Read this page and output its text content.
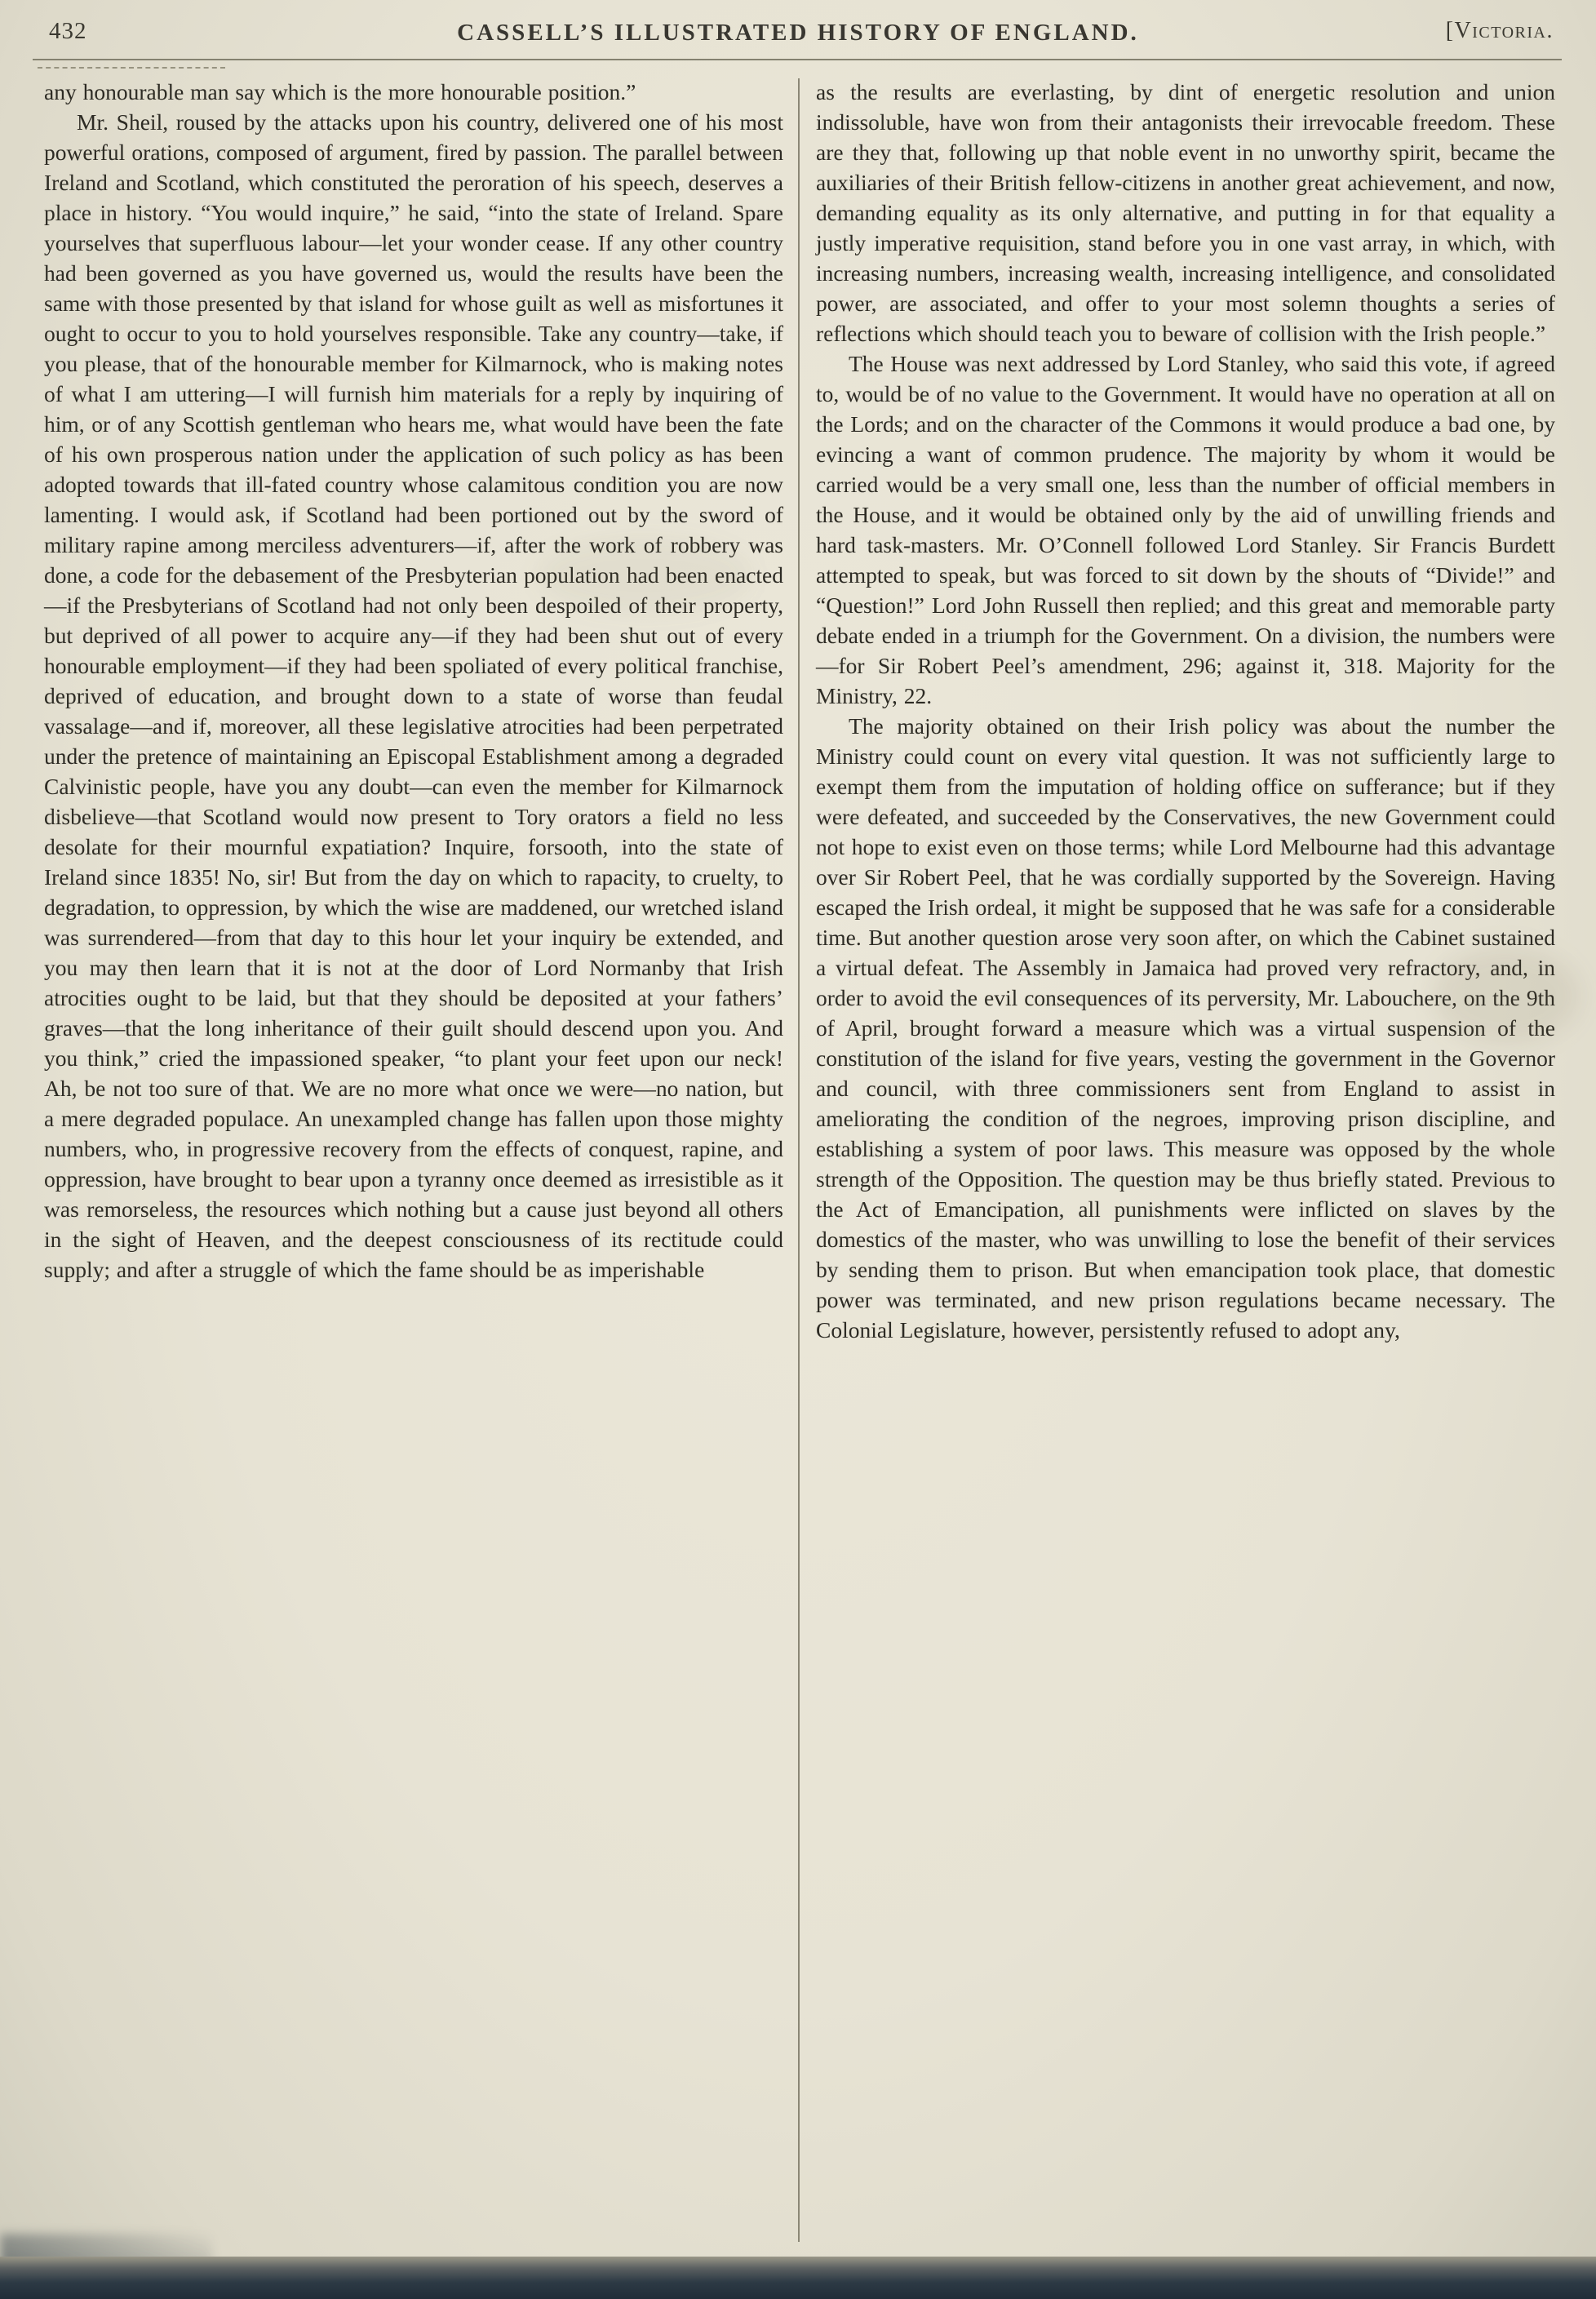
432	CASSELL’S ILLUSTRATED HISTORY OF ENGLAND.	[Victoria.

any honourable man say which is the more honourable position.”

Mr. Sheil, roused by the attacks upon his country, delivered one of his most powerful orations, composed of argument, fired by passion. The parallel between Ireland and Scotland, which constituted the peroration of his speech, deserves a place in history. “You would inquire,” he said, “into the state of Ireland. Spare yourselves that superfluous labour—let your wonder cease. If any other country had been governed as you have governed us, would the results have been the same with those presented by that island for whose guilt as well as misfortunes it ought to occur to you to hold yourselves responsible. Take any country—take, if you please, that of the honourable member for Kilmarnock, who is making notes of what I am uttering—I will furnish him materials for a reply by inquiring of him, or of any Scottish gentleman who hears me, what would have been the fate of his own prosperous nation under the application of such policy as has been adopted towards that ill-fated country whose calamitous condition you are now lamenting. I would ask, if Scotland had been portioned out by the sword of military rapine among merciless adventurers—if, after the work of robbery was done, a code for the debasement of the Presbyterian population had been enacted—if the Presbyterians of Scotland had not only been despoiled of their property, but deprived of all power to acquire any—if they had been shut out of every honourable employment—if they had been spoliated of every political franchise, deprived of education, and brought down to a state of worse than feudal vassalage—and if, moreover, all these legislative atrocities had been perpetrated under the pretence of maintaining an Episcopal Establishment among a degraded Calvinistic people, have you any doubt—can even the member for Kilmarnock disbelieve—that Scotland would now present to Tory orators a field no less desolate for their mournful expatiation? Inquire, forsooth, into the state of Ireland since 1835! No, sir! But from the day on which to rapacity, to cruelty, to degradation, to oppression, by which the wise are maddened, our wretched island was surrendered—from that day to this hour let your inquiry be extended, and you may then learn that it is not at the door of Lord Normanby that Irish atrocities ought to be laid, but that they should be deposited at your fathers’ graves—that the long inheritance of their guilt should descend upon you. And you think,” cried the impassioned speaker, “to plant your feet upon our neck! Ah, be not too sure of that. We are no more what once we were—no nation, but a mere degraded populace. An unexampled change has fallen upon those mighty numbers, who, in progressive recovery from the effects of conquest, rapine, and oppression, have brought to bear upon a tyranny once deemed as irresistible as it was remorseless, the resources which nothing but a cause just beyond all others in the sight of Heaven, and the deepest consciousness of its rectitude could supply; and after a struggle of which the fame should be as imperishable

as the results are everlasting, by dint of energetic resolution and union indissoluble, have won from their antagonists their irrevocable freedom. These are they that, following up that noble event in no unworthy spirit, became the auxiliaries of their British fellow-citizens in another great achievement, and now, demanding equality as its only alternative, and putting in for that equality a justly imperative requisition, stand before you in one vast array, in which, with increasing numbers, increasing wealth, increasing intelligence, and consolidated power, are associated, and offer to your most solemn thoughts a series of reflections which should teach you to beware of collision with the Irish people.”

The House was next addressed by Lord Stanley, who said this vote, if agreed to, would be of no value to the Government. It would have no operation at all on the Lords; and on the character of the Commons it would produce a bad one, by evincing a want of common prudence. The majority by whom it would be carried would be a very small one, less than the number of official members in the House, and it would be obtained only by the aid of unwilling friends and hard task-masters. Mr. O’Connell followed Lord Stanley. Sir Francis Burdett attempted to speak, but was forced to sit down by the shouts of “Divide!” and “Question!” Lord John Russell then replied; and this great and memorable party debate ended in a triumph for the Government. On a division, the numbers were—for Sir Robert Peel’s amendment, 296; against it, 318. Majority for the Ministry, 22.

The majority obtained on their Irish policy was about the number the Ministry could count on every vital question. It was not sufficiently large to exempt them from the imputation of holding office on sufferance; but if they were defeated, and succeeded by the Conservatives, the new Government could not hope to exist even on those terms; while Lord Melbourne had this advantage over Sir Robert Peel, that he was cordially supported by the Sovereign. Having escaped the Irish ordeal, it might be supposed that he was safe for a considerable time. But another question arose very soon after, on which the Cabinet sustained a virtual defeat. The Assembly in Jamaica had proved very refractory, and, in order to avoid the evil consequences of its perversity, Mr. Labouchere, on the 9th of April, brought forward a measure which was a virtual suspension of the constitution of the island for five years, vesting the government in the Governor and council, with three commissioners sent from England to assist in ameliorating the condition of the negroes, improving prison discipline, and establishing a system of poor laws. This measure was opposed by the whole strength of the Opposition. The question may be thus briefly stated. Previous to the Act of Emancipation, all punishments were inflicted on slaves by the domestics of the master, who was unwilling to lose the benefit of their services by sending them to prison. But when emancipation took place, that domestic power was terminated, and new prison regulations became necessary. The Colonial Legislature, however, persistently refused to adopt any,
